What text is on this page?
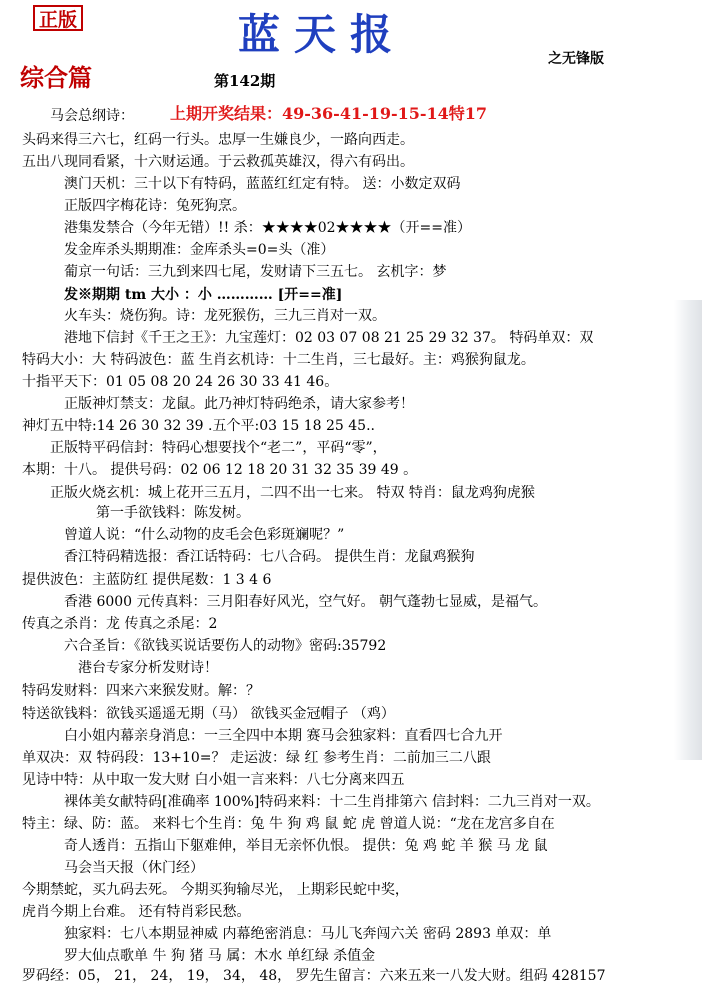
正版	蓝天报	之无锋版
综合篇	第142期
马会总纲诗： 上期开奖结果：49-36-41-19-15-14特17
头码来得三六七，红码一行头。忠厚一生嫌良少，一路向西走。
五出八现同看紧，十六财运通。于云救孤英雄汉，得六有码出。
澳门天机：三十以下有特码，蓝蓝红红定有特。 送：小数定双码
正版四字梅花诗：兔死狗烹。
港集发禁合（今年无错）!! 杀：★★★★02★★★★（开==准）
发金库杀头期期准：金库杀头=0=头（准）
葡京一句话：三九到来四七尾，发财请下三五七。 玄机字：梦
发※期期 tm 大小 ：小 ………… [开==准]
火车头：烧伤狗。诗：龙死猴伤，三九三肖对一双。
港地下信封《千王之王》：九宝莲灯：02 03 07 08 21 25 29 32 37。 特码单双：双
特码大小：大 特码波色：蓝 生肖玄机诗：十二生肖，三七最好。主：鸡猴狗鼠龙。
十指平天下：01 05 08 20 24 26 30 33 41 46。
正版神灯禁支：龙鼠。此乃神灯特码绝杀，请大家参考！
神灯五中特:14 26 30 32 39 .五个平:03 15 18 25 45..
正版特平码信封：特码心想要找个“老二”，平码“零”，
本期：十八。 提供号码：02 06 12 18 20 31 32 35 39 49 。
正版火烧玄机：城上花开三五月，二四不出一七来。 特双 特肖：鼠龙鸡狗虎猴
第一手欲钱料：陈发树。
曾道人说：“什么动物的皮毛会色彩斑斓呢？”
香江特码精选报：香江话特码：七八合码。 提供生肖：龙鼠鸡猴狗
提供波色：主蓝防红 提供尾数：1 3 4 6
香港 6000 元传真料：三月阳春好风光，空气好。 朝气蓬勃七显威，是福气。
传真之杀肖：龙 传真之杀尾：2
六合圣旨：《欲钱买说话要伤人的动物》密码:35792
港台专家分析发财诗！
特码发财料：四来六来猴发财。解：？
特送欲钱料：欲钱买遥遥无期（马） 欲钱买金冠帽子 （鸡）
白小姐内幕亲身消息：一三全四中本期 赛马会独家料：直看四七合九开
单双决：双 特码段：13+10=？ 走运波：绿 红 参考生肖：二前加三二八跟
见诗中特：从中取一发大财 白小姐一言来料：八七分离来四五
裸体美女献特码[准确率 100%]特码来料：十二生肖排第六 信封料：二九三肖对一双。
特主：绿、防：蓝。 来料七个生肖：兔 牛 狗 鸡 鼠 蛇 虎 曾道人说：“龙在龙宫多自在
奇人透肖：五指山下躯难伸，举目无亲怀仇恨。 提供：兔 鸡 蛇 羊 猴 马 龙 鼠
马会当天报（休门经）
今期禁蛇，买九码去死。 今期买狗输尽光， 上期彩民蛇中奖，
虎肖今期上台难。 还有特肖彩民愁。
独家料：七八本期显神威 内幕绝密消息：马儿飞奔闯六关 密码 2893 单双：单
罗大仙点歌单 牛 狗 猪 马 属：木水 单红绿 杀值金
罗码经：05， 21， 24， 19， 34， 48， 罗先生留言：六来五来一八发大财。组码 428157
